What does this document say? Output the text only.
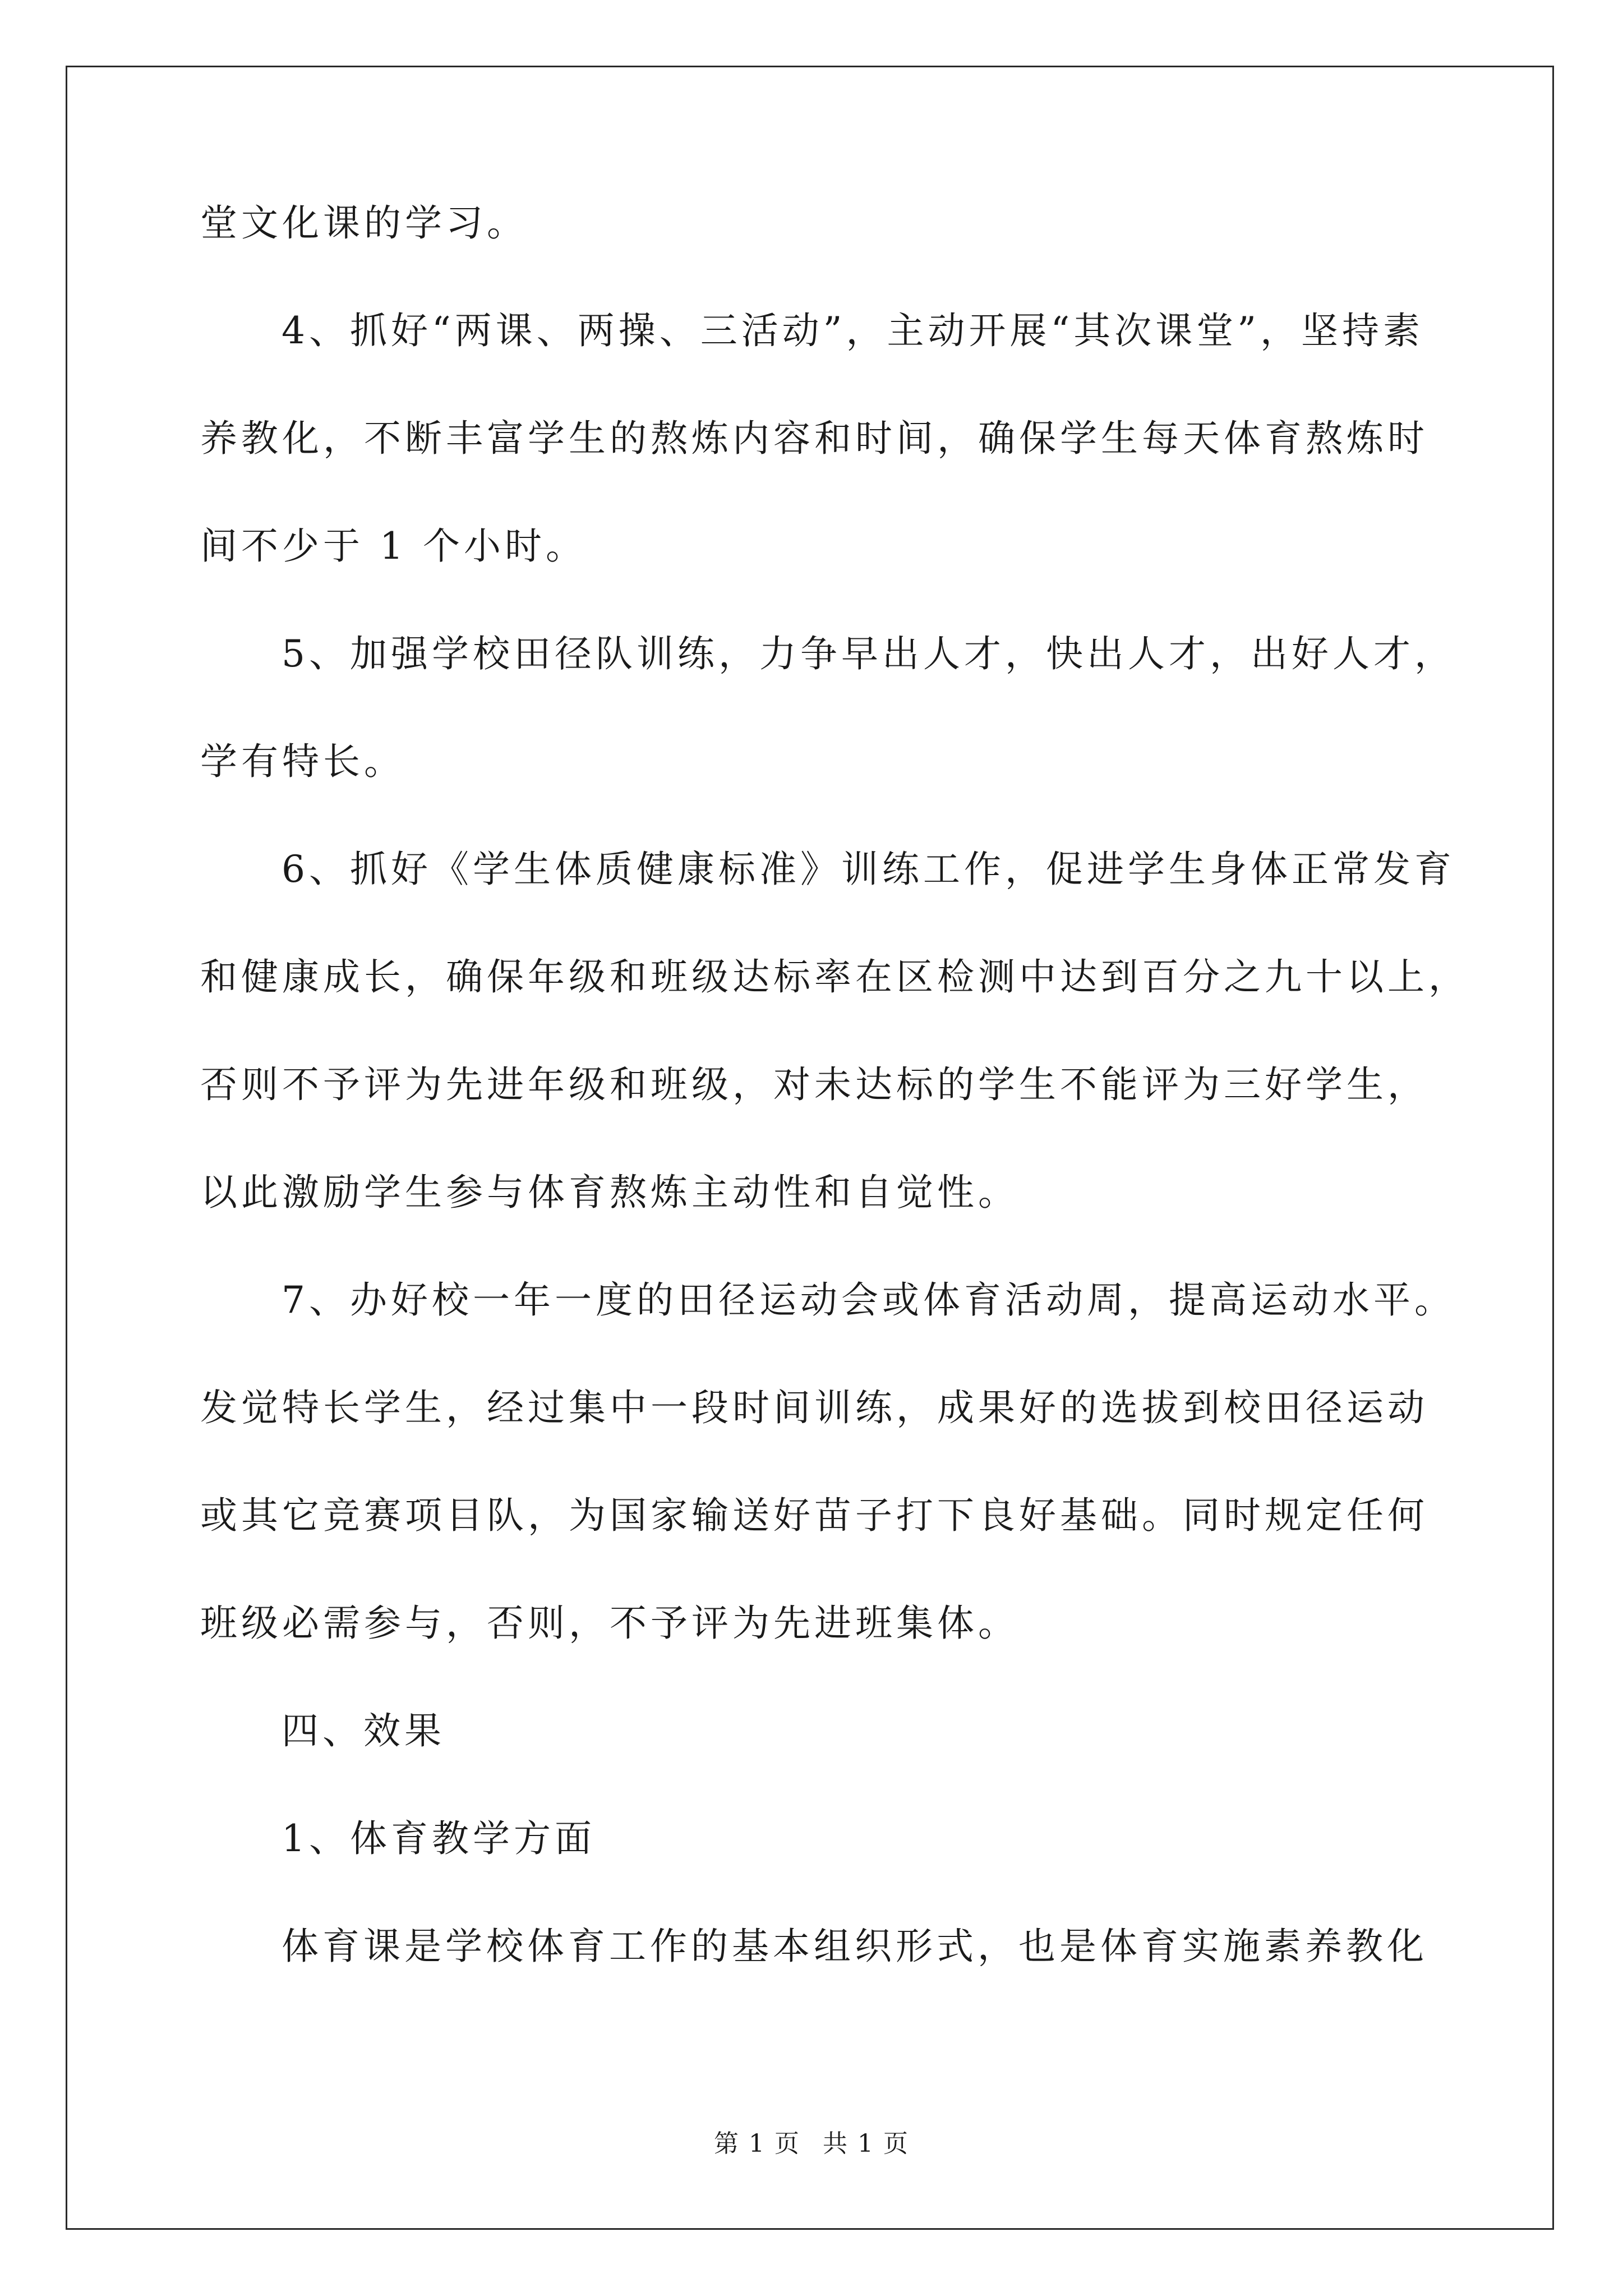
堂文化课的学习。
4、抓好“两课、两操、三活动”，主动开展“其次课堂”，坚持素
养教化，不断丰富学生的熬炼内容和时间，确保学生每天体育熬炼时
间不少于 1 个小时。
5、加强学校田径队训练，力争早出人才，快出人才，出好人才，
学有特长。
6、抓好《学生体质健康标准》训练工作，促进学生身体正常发育
和健康成长，确保年级和班级达标率在区检测中达到百分之九十以上，
否则不予评为先进年级和班级，对未达标的学生不能评为三好学生，
以此激励学生参与体育熬炼主动性和自觉性。
7、办好校一年一度的田径运动会或体育活动周，提高运动水平。
发觉特长学生，经过集中一段时间训练，成果好的选拔到校田径运动
或其它竞赛项目队，为国家输送好苗子打下良好基础。同时规定任何
班级必需参与，否则，不予评为先进班集体。
四、效果
1、体育教学方面
体育课是学校体育工作的基本组织形式，也是体育实施素养教化
第 1 页 共 1 页
